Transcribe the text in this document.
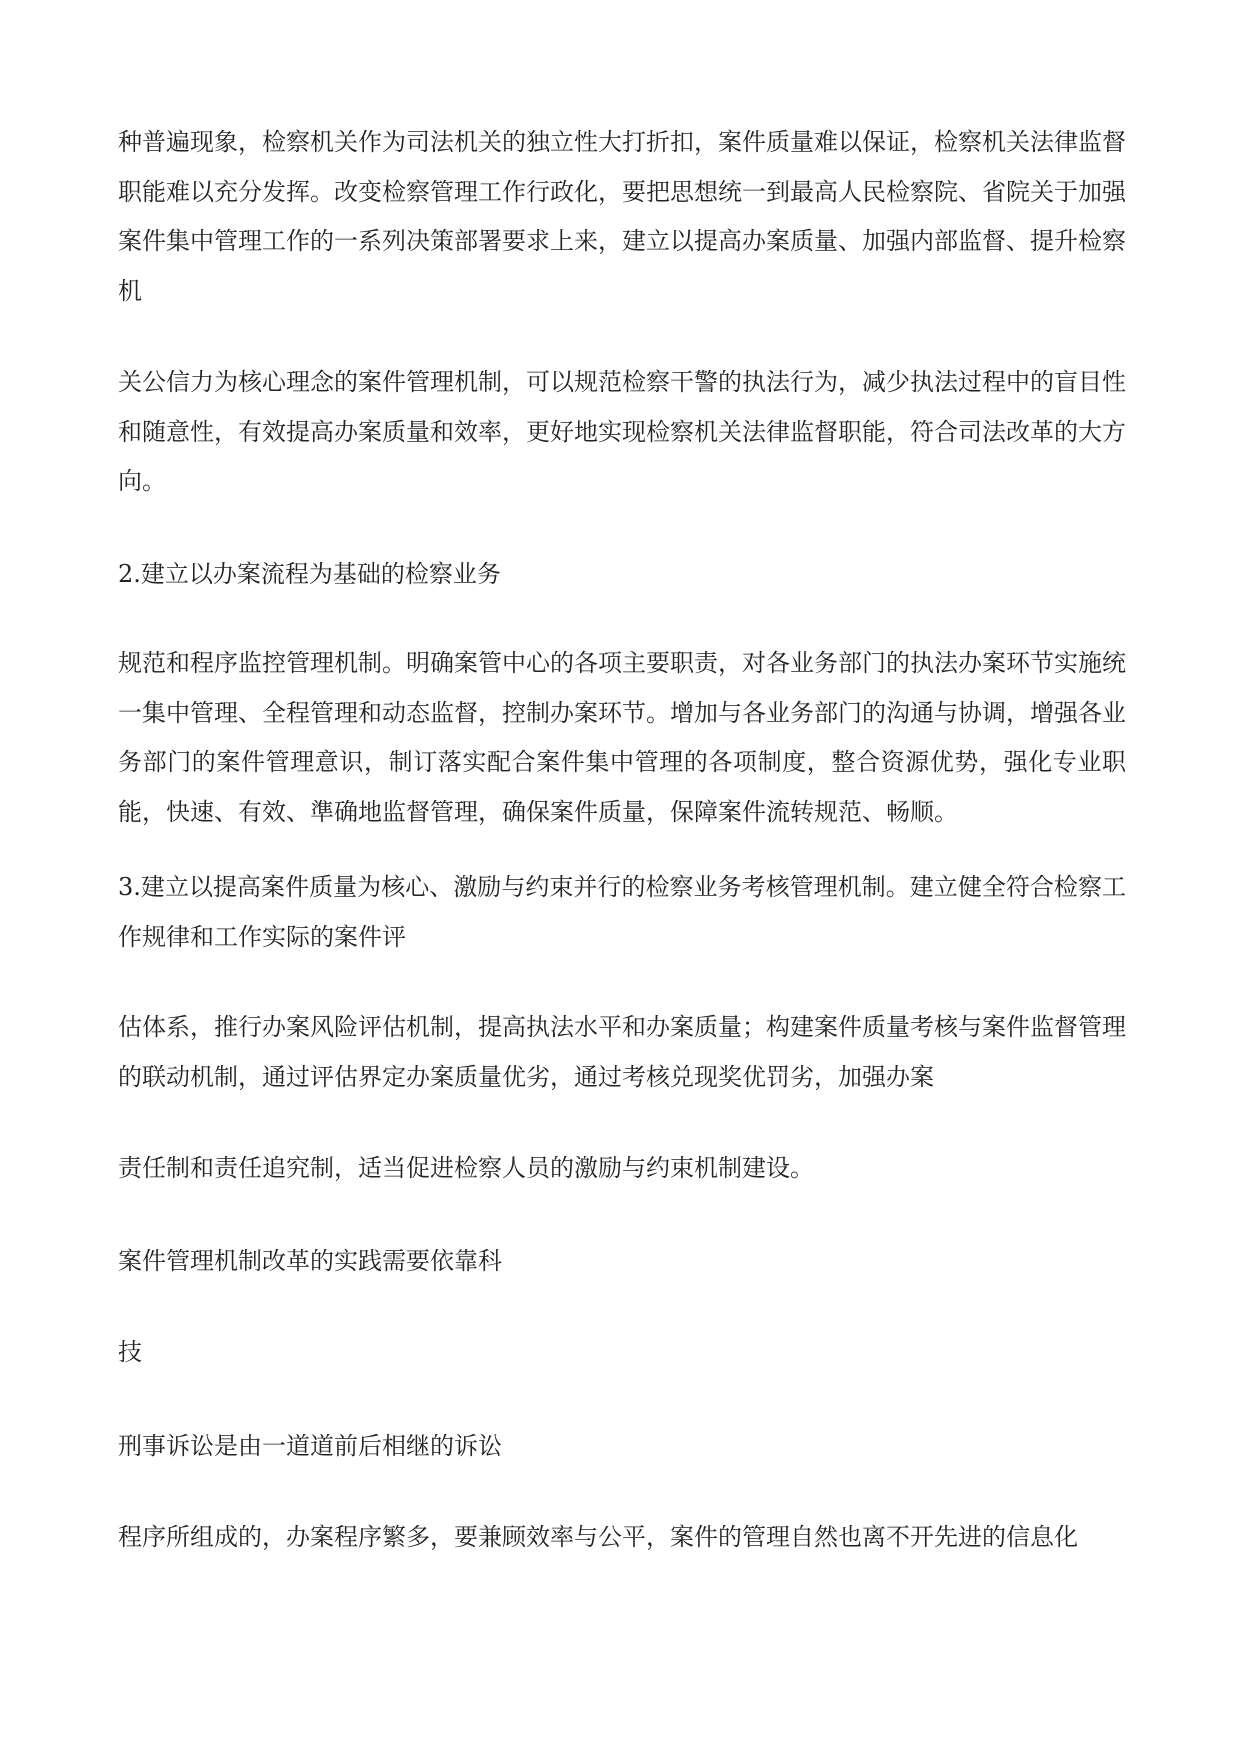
种普遍现象，检察机关作为司法机关的独立性大打折扣，案件质量难以保证，检察机关法律监督职能难以充分发挥。改变检察管理工作行政化，要把思想统一到最高人民检察院、省院关于加强案件集中管理工作的一系列决策部署要求上来，建立以提高办案质量、加强内部监督、提升检察机

关公信力为核心理念的案件管理机制，可以规范检察干警的执法行为，减少执法过程中的盲目性和随意性，有效提高办案质量和效率，更好地实现检察机关法律监督职能，符合司法改革的大方向。

2.建立以办案流程为基础的检察业务

规范和程序监控管理机制。明确案管中心的各项主要职责，对各业务部门的执法办案环节实施统一集中管理、全程管理和动态监督，控制办案环节。增加与各业务部门的沟通与协调，增强各业务部门的案件管理意识，制订落实配合案件集中管理的各项制度，整合资源优势，强化专业职能，快速、有效、準确地监督管理，确保案件质量，保障案件流转规范、畅顺。

3.建立以提高案件质量为核心、激励与约束并行的检察业务考核管理机制。建立健全符合检察工作规律和工作实际的案件评

估体系，推行办案风险评估机制，提高执法水平和办案质量；构建案件质量考核与案件监督管理的联动机制，通过评估界定办案质量优劣，通过考核兑现奖优罚劣，加强办案

责任制和责任追究制，适当促进检察人员的激励与约束机制建设。

案件管理机制改革的实践需要依靠科

技

刑事诉讼是由一道道前后相继的诉讼

程序所组成的，办案程序繁多，要兼顾效率与公平，案件的管理自然也离不开先进的信息化
